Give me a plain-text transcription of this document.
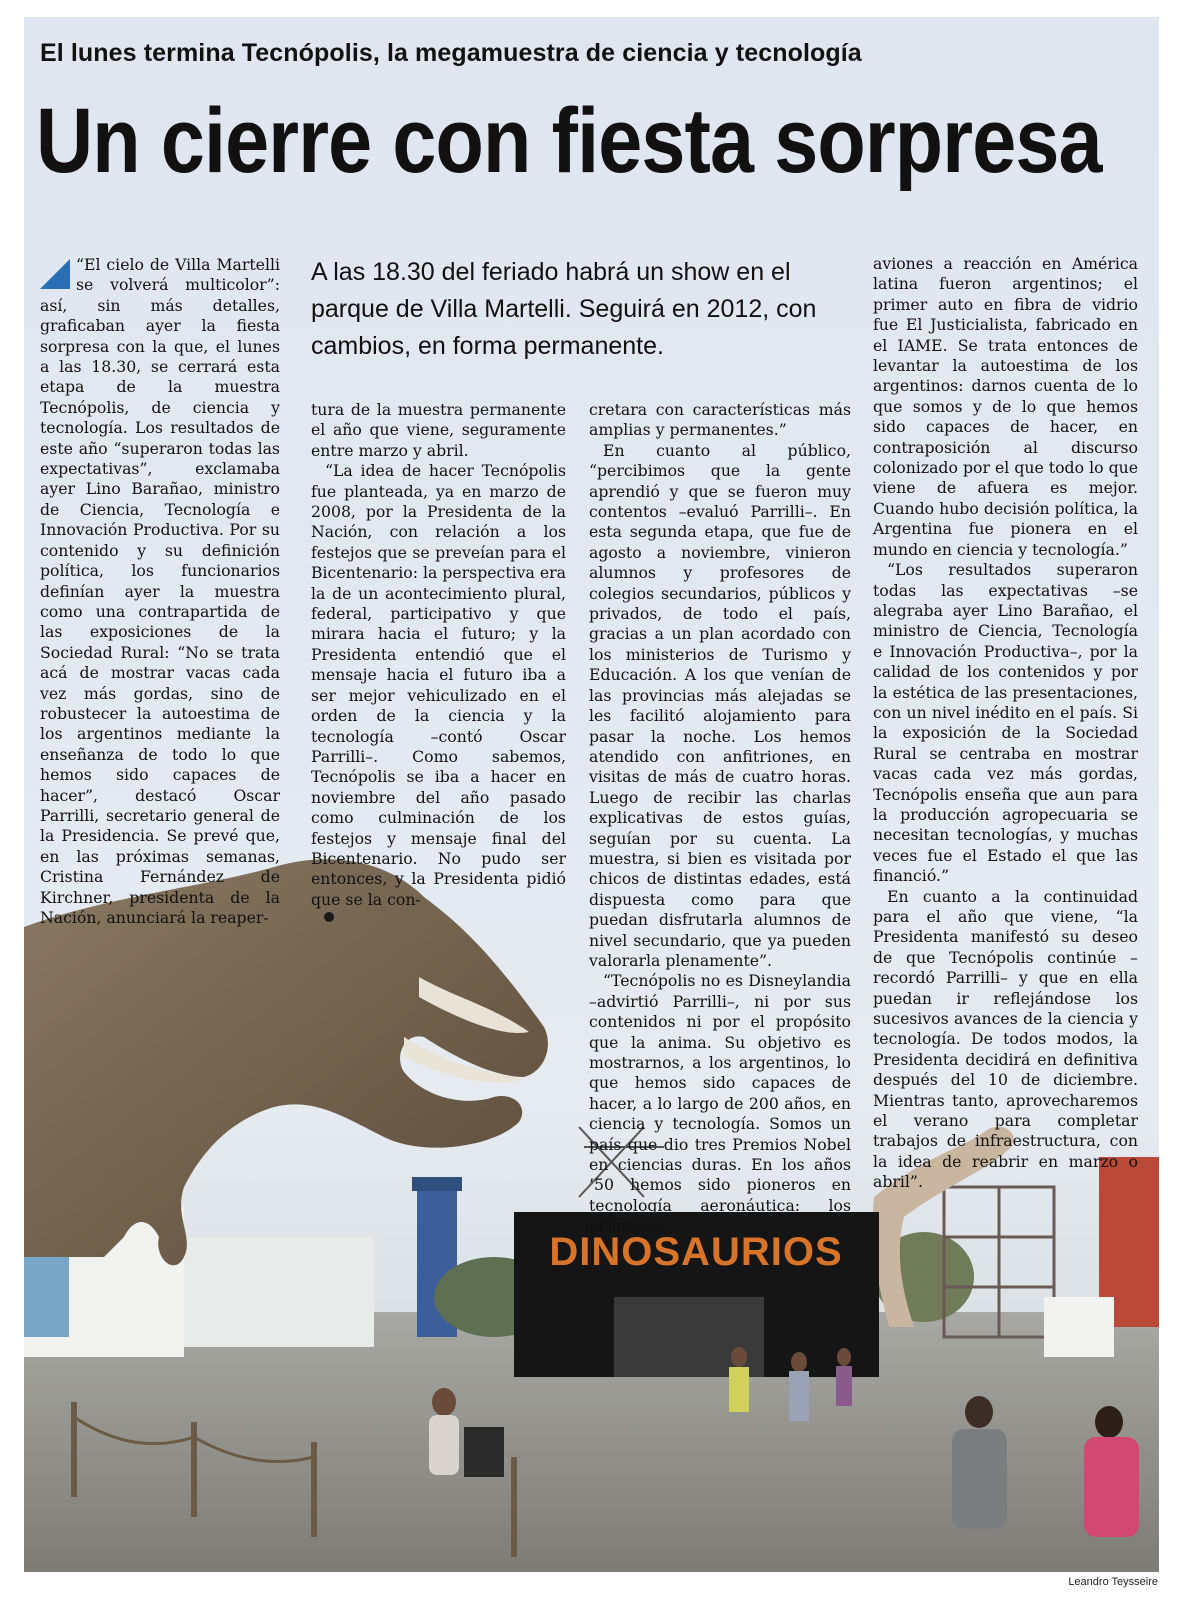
El lunes termina Tecnópolis, la megamuestra de ciencia y tecnología
Un cierre con fiesta sorpresa
DINOSAURIOS

“El cielo de Villa Martelli se volverá multicolor”: así, sin más detalles, graficaban ayer la fiesta sorpresa con la que, el lunes a las 18.30, se cerrará esta etapa de la muestra Tecnópolis, de ciencia y tecnología. Los resultados de este año “superaron todas las expectativas”, exclamaba ayer Lino Barañao, ministro de Ciencia, Tecnología e Innovación Productiva. Por su contenido y su definición política, los funcionarios definían ayer la muestra como una contrapartida de las exposiciones de la Sociedad Rural: “No se trata acá de mostrar vacas cada vez más gordas, sino de robustecer la autoestima de los argentinos mediante la enseñanza de todo lo que hemos sido capaces de hacer”, destacó Oscar Parrilli, secretario general de la Presidencia. Se prevé que, en las próximas semanas, Cristina Fernández de Kirchner, presidenta de la Nación, anunciará la reaper-

A las 18.30 del feriado habrá un show en el parque de Villa Martelli. Seguirá en 2012, con cambios, en forma permanente.

tura de la muestra permanente el año que viene, seguramente entre marzo y abril.

“La idea de hacer Tecnópolis fue planteada, ya en marzo de 2008, por la Presidenta de la Nación, con relación a los festejos que se preveían para el Bicentenario: la perspectiva era la de un acontecimiento plural, federal, participativo y que mirara hacia el futuro; y la Presidenta entendió que el mensaje hacia el futuro iba a ser mejor vehiculizado en el orden de la ciencia y la tecnología –contó Oscar Parrilli–. Como sabemos, Tecnópolis se iba a hacer en noviembre del año pasado como culminación de los festejos y mensaje final del Bicentenario. No pudo ser entonces, y la Presidenta pidió que se la con-

cretara con características más amplias y permanentes.”

En cuanto al público, “percibimos que la gente aprendió y que se fueron muy contentos –evaluó Parrilli–. En esta segunda etapa, que fue de agosto a noviembre, vinieron alumnos y profesores de colegios secundarios, públicos y privados, de todo el país, gracias a un plan acordado con los ministerios de Turismo y Educación. A los que venían de las provincias más alejadas se les facilitó alojamiento para pasar la noche. Los hemos atendido con anfitriones, en visitas de más de cuatro horas. Luego de recibir las charlas explicativas de estos guías, seguían por su cuenta. La muestra, si bien es visitada por chicos de distintas edades, está dispuesta como para que puedan disfrutarla alumnos de nivel secundario, que ya pueden valorarla plenamente”.

“Tecnópolis no es Disneylandia –advirtió Parrilli–, ni por sus contenidos ni por el propósito que la anima. Su objetivo es mostrarnos, a los argentinos, lo que hemos sido capaces de hacer, a lo largo de 200 años, en ciencia y tecnología. Somos un país que dio tres Premios Nobel en ciencias duras. En los años ’50 hemos sido pioneros en tecnología aeronáutica: los primeros

aviones a reacción en América latina fueron argentinos; el primer auto en fibra de vidrio fue El Justicialista, fabricado en el IAME. Se trata entonces de levantar la autoestima de los argentinos: darnos cuenta de lo que somos y de lo que hemos sido capaces de hacer, en contraposición al discurso colonizado por el que todo lo que viene de afuera es mejor. Cuando hubo decisión política, la Argentina fue pionera en el mundo en ciencia y tecnología.”

“Los resultados superaron todas las expectativas –se alegraba ayer Lino Barañao, el ministro de Ciencia, Tecnología e Innovación Productiva–, por la calidad de los contenidos y por la estética de las presentaciones, con un nivel inédito en el país. Si la exposición de la Sociedad Rural se centraba en mostrar vacas cada vez más gordas, Tecnópolis enseña que aun para la producción agropecuaria se necesitan tecnologías, y muchas veces fue el Estado el que las financió.”

En cuanto a la continuidad para el año que viene, “la Presidenta manifestó su deseo de que Tecnópolis continúe –recordó Parrilli– y que en ella puedan ir reflejándose los sucesivos avances de la ciencia y tecnología. De todos modos, la Presidenta decidirá en definitiva después del 10 de diciembre. Mientras tanto, aprovecharemos el verano para completar trabajos de infraestructura, con la idea de reabrir en marzo o abril”.

Leandro Teysseire
